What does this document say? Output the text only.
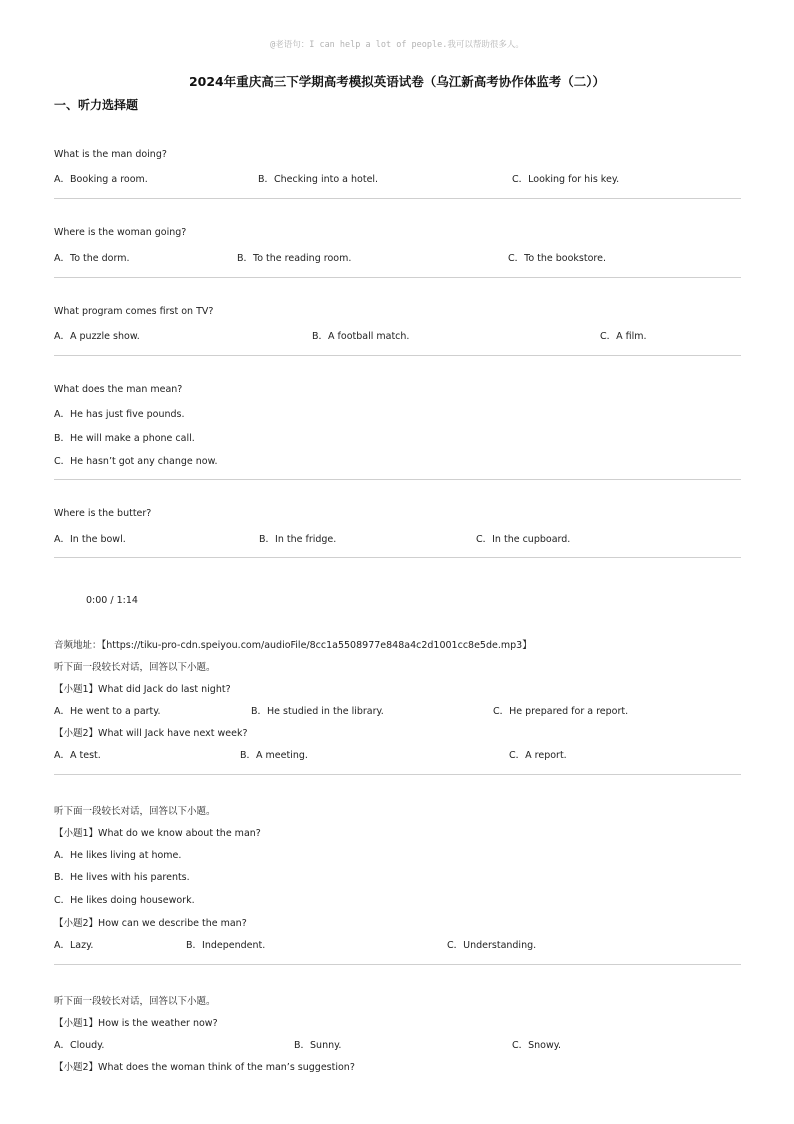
@老语句：I can help a lot of people.我可以帮助很多人。
2024年重庆高三下学期高考模拟英语试卷（乌江新高考协作体监考（二））
一、听力选择题
What is the man doing?
A．Booking a room.	B．Checking into a hotel.	C．Looking for his key.
Where is the woman going?
A．To the dorm.	B．To the reading room.	C．To the bookstore.
What program comes first on TV?
A．A puzzle show.	B．A football match.	C．A film.
What does the man mean?
A．He has just five pounds.
B．He will make a phone call.
C．He hasn’t got any change now.
Where is the butter?
A．In the bowl.	B．In the fridge.	C．In the cupboard.
0:00 / 1:14
音频地址：【https://tiku-pro-cdn.speiyou.com/audioFile/8cc1a5508977e848a4c2d1001cc8e5de.mp3】
听下面一段较长对话，回答以下小题。
【小题1】What did Jack do last night?
A．He went to a party.	B．He studied in the library.	C．He prepared for a report.
【小题2】What will Jack have next week?
A．A test.	B．A meeting.	C．A report.
听下面一段较长对话，回答以下小题。
【小题1】What do we know about the man?
A．He likes living at home.
B．He lives with his parents.
C．He likes doing housework.
【小题2】How can we describe the man?
A．Lazy.	B．Independent.	C．Understanding.
听下面一段较长对话，回答以下小题。
【小题1】How is the weather now?
A．Cloudy.	B．Sunny.	C．Snowy.
【小题2】What does the woman think of the man’s suggestion?
